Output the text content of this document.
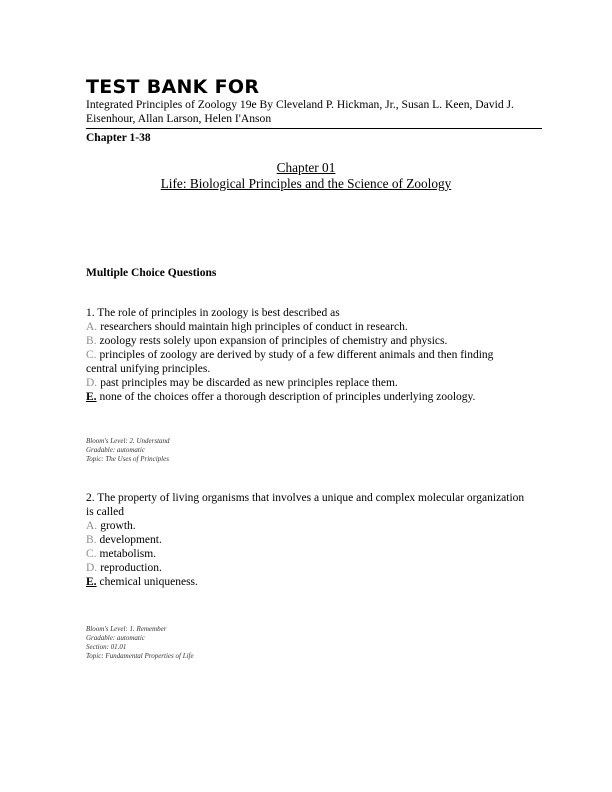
TEST BANK FOR
Integrated Principles of Zoology 19e By Cleveland P. Hickman, Jr., Susan L. Keen, David J. Eisenhour, Allan Larson, Helen I'Anson
Chapter 1-38
Chapter 01
Life: Biological Principles and the Science of Zoology
Multiple Choice Questions

1. The role of principles in zoology is best described as

A. researchers should maintain high principles of conduct in research.

B. zoology rests solely upon expansion of principles of chemistry and physics.

C. principles of zoology are derived by study of a few different animals and then finding central unifying principles.

D. past principles may be discarded as new principles replace them.

E. none of the choices offer a thorough description of principles underlying zoology.

Bloom's Level: 2. Understand

Gradable: automatic

Topic: The Uses of Principles

2. The property of living organisms that involves a unique and complex molecular organization is called

A. growth.

B. development.

C. metabolism.

D. reproduction.

E. chemical uniqueness.

Bloom's Level: 1. Remember

Gradable: automatic

Section: 01.01

Topic: Fundamental Properties of Life
